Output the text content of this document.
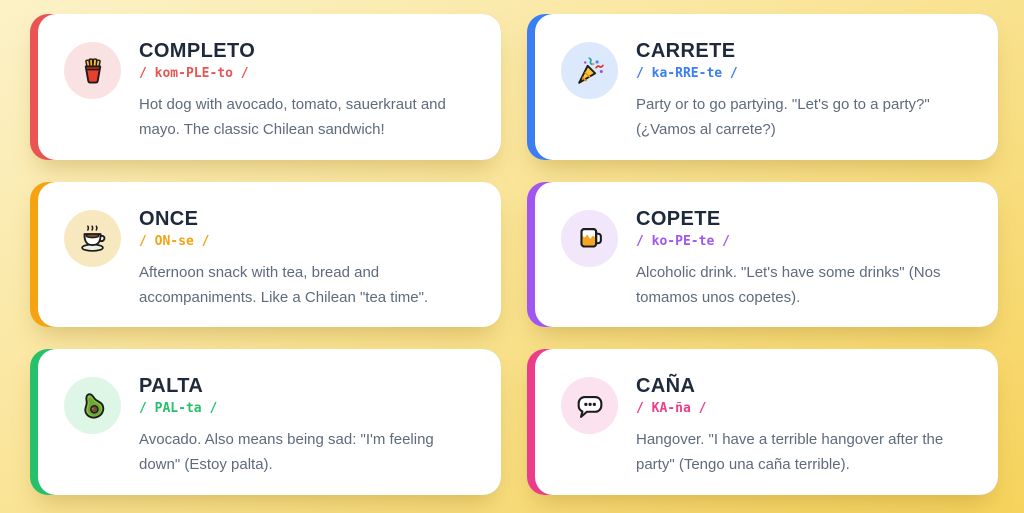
COMPLETO
/ kom-PLE-to /
Hot dog with avocado, tomato, sauerkraut and mayo. The classic Chilean sandwich!
CARRETE
/ ka-RRE-te /
Party or to go partying. "Let's go to a party?" (¿Vamos al carrete?)
ONCE
/ ON-se /
Afternoon snack with tea, bread and accompaniments. Like a Chilean "tea time".
COPETE
/ ko-PE-te /
Alcoholic drink. "Let's have some drinks" (Nos tomamos unos copetes).
PALTA
/ PAL-ta /
Avocado. Also means being sad: "I'm feeling down" (Estoy palta).
CAÑA
/ KA-ña /
Hangover. "I have a terrible hangover after the party" (Tengo una caña terrible).
